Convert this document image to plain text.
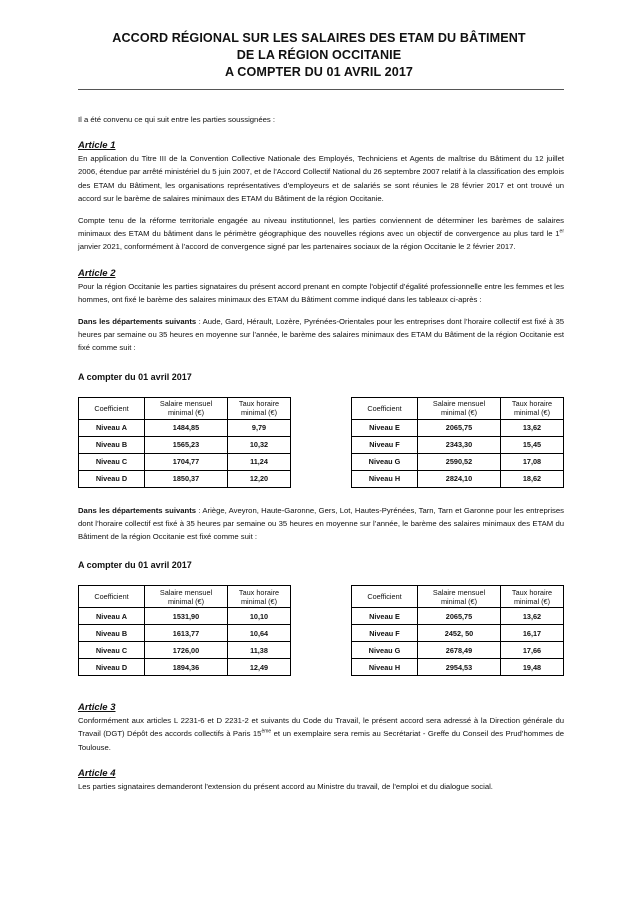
ACCORD RÉGIONAL SUR LES SALAIRES DES ETAM DU BÂTIMENT
DE LA RÉGION OCCITANIE
A COMPTER DU 01 AVRIL 2017

Il a été convenu ce qui suit entre les parties soussignées :

Article 1

En application du Titre III de la Convention Collective Nationale des Employés, Techniciens et Agents de maîtrise du Bâtiment du 12 juillet 2006, étendue par arrêté ministériel du 5 juin 2007, et de l’Accord Collectif National du 26 septembre 2007 relatif à la classification des emplois des ETAM du Bâtiment, les organisations représentatives d’employeurs et de salariés se sont réunies le 28 février 2017 et ont trouvé un accord sur le barème de salaires minimaux des ETAM du Bâtiment de la région Occitanie.

Compte tenu de la réforme territoriale engagée au niveau institutionnel, les parties conviennent de déterminer les barèmes de salaires minimaux des ETAM du bâtiment dans le périmètre géographique des nouvelles régions avec un objectif de convergence au plus tard le 1er janvier 2021, conformément à l’accord de convergence signé par les partenaires sociaux de la région Occitanie le 2 février 2017.

Article 2

Pour la région Occitanie les parties signataires du présent accord prenant en compte l’objectif d’égalité professionnelle entre les femmes et les hommes, ont fixé le barème des salaires minimaux des ETAM du Bâtiment comme indiqué dans les tableaux ci-après :

Dans les départements suivants : Aude, Gard, Hérault, Lozère, Pyrénées-Orientales pour les entreprises dont l’horaire collectif est fixé à 35 heures par semaine ou 35 heures en moyenne sur l’année, le barème des salaires minimaux des ETAM du Bâtiment de la région Occitanie est fixé comme suit :

A compter du 01 avril 2017

Coefficient	Salaire mensuel minimal (€)	Taux horaire minimal (€)
Niveau A	1484,85	9,79
Niveau B	1565,23	10,32
Niveau C	1704,77	11,24
Niveau D	1850,37	12,20
Coefficient	Salaire mensuel minimal (€)	Taux horaire minimal (€)
Niveau E	2065,75	13,62
Niveau F	2343,30	15,45
Niveau G	2590,52	17,08
Niveau H	2824,10	18,62

Dans les départements suivants : Ariège, Aveyron, Haute-Garonne, Gers, Lot, Hautes-Pyrénées, Tarn, Tarn et Garonne pour les entreprises dont l’horaire collectif est fixé à 35 heures par semaine ou 35 heures en moyenne sur l’année, le barème des salaires minimaux des ETAM du Bâtiment de la région Occitanie est fixé comme suit :

A compter du 01 avril 2017

Coefficient	Salaire mensuel minimal (€)	Taux horaire minimal (€)
Niveau A	1531,90	10,10
Niveau B	1613,77	10,64
Niveau C	1726,00	11,38
Niveau D	1894,36	12,49
Coefficient	Salaire mensuel minimal (€)	Taux horaire minimal (€)
Niveau E	2065,75	13,62
Niveau F	2452, 50	16,17
Niveau G	2678,49	17,66
Niveau H	2954,53	19,48

Article 3

Conformément aux articles L 2231-6 et D 2231-2 et suivants du Code du Travail, le présent accord sera adressé à la Direction générale du Travail (DGT) Dépôt des accords collectifs à Paris 15ème et un exemplaire sera remis au Secrétariat - Greffe du Conseil des Prud’hommes de Toulouse.

Article 4

Les parties signataires demanderont l’extension du présent accord au Ministre du travail, de l’emploi et du dialogue social.
